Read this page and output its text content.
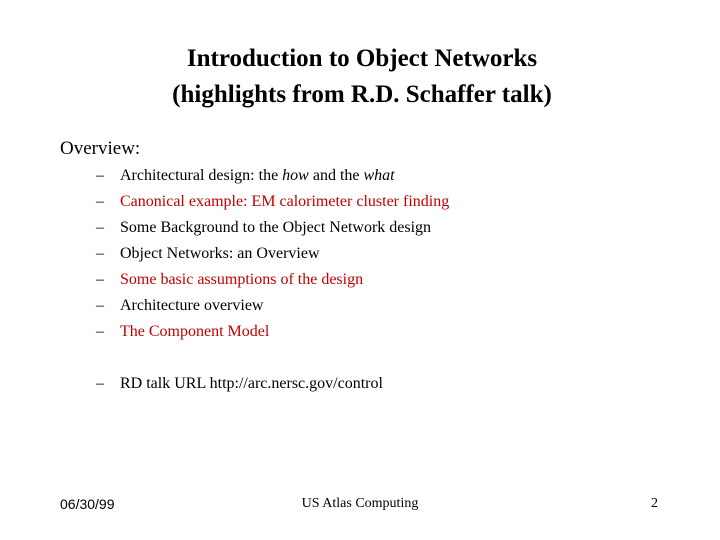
Introduction to Object Networks
(highlights from R.D. Schaffer talk)
Overview:
– Architectural design: the how and the what
– Canonical example: EM calorimeter cluster finding
– Some Background to the Object Network design
– Object Networks: an Overview
– Some basic assumptions of the design
– Architecture overview
– The Component Model
– RD talk URL http://arc.nersc.gov/control
06/30/99	US Atlas Computing	2
